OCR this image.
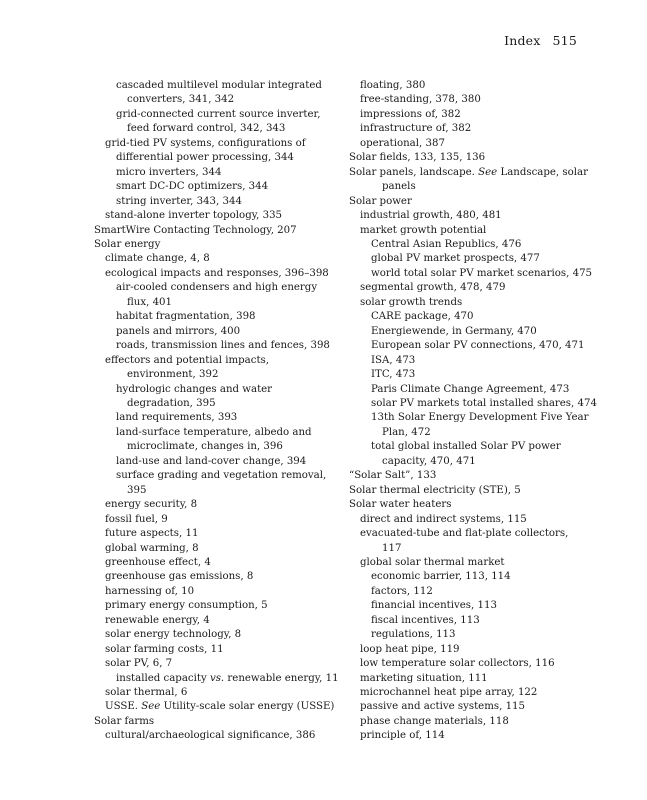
Index 515
cascaded multilevel modular integrated
converters, 341, 342
grid-connected current source inverter,
feed forward control, 342, 343
grid-tied PV systems, configurations of
differential power processing, 344
micro inverters, 344
smart DC-DC optimizers, 344
string inverter, 343, 344
stand-alone inverter topology, 335
SmartWire Contacting Technology, 207
Solar energy
climate change, 4, 8
ecological impacts and responses, 396–398
air-cooled condensers and high energy
flux, 401
habitat fragmentation, 398
panels and mirrors, 400
roads, transmission lines and fences, 398
effectors and potential impacts,
environment, 392
hydrologic changes and water
degradation, 395
land requirements, 393
land-surface temperature, albedo and
microclimate, changes in, 396
land-use and land-cover change, 394
surface grading and vegetation removal,
395
energy security, 8
fossil fuel, 9
future aspects, 11
global warming, 8
greenhouse effect, 4
greenhouse gas emissions, 8
harnessing of, 10
primary energy consumption, 5
renewable energy, 4
solar energy technology, 8
solar farming costs, 11
solar PV, 6, 7
installed capacity vs. renewable energy, 11
solar thermal, 6
USSE. See Utility-scale solar energy (USSE)
Solar farms
cultural/archaeological significance, 386
floating, 380
free-standing, 378, 380
impressions of, 382
infrastructure of, 382
operational, 387
Solar fields, 133, 135, 136
Solar panels, landscape. See Landscape, solar
panels
Solar power
industrial growth, 480, 481
market growth potential
Central Asian Republics, 476
global PV market prospects, 477
world total solar PV market scenarios, 475
segmental growth, 478, 479
solar growth trends
CARE package, 470
Energiewende, in Germany, 470
European solar PV connections, 470, 471
ISA, 473
ITC, 473
Paris Climate Change Agreement, 473
solar PV markets total installed shares, 474
13th Solar Energy Development Five Year
Plan, 472
total global installed Solar PV power
capacity, 470, 471
“Solar Salt”, 133
Solar thermal electricity (STE), 5
Solar water heaters
direct and indirect systems, 115
evacuated-tube and flat-plate collectors,
117
global solar thermal market
economic barrier, 113, 114
factors, 112
financial incentives, 113
fiscal incentives, 113
regulations, 113
loop heat pipe, 119
low temperature solar collectors, 116
marketing situation, 111
microchannel heat pipe array, 122
passive and active systems, 115
phase change materials, 118
principle of, 114
